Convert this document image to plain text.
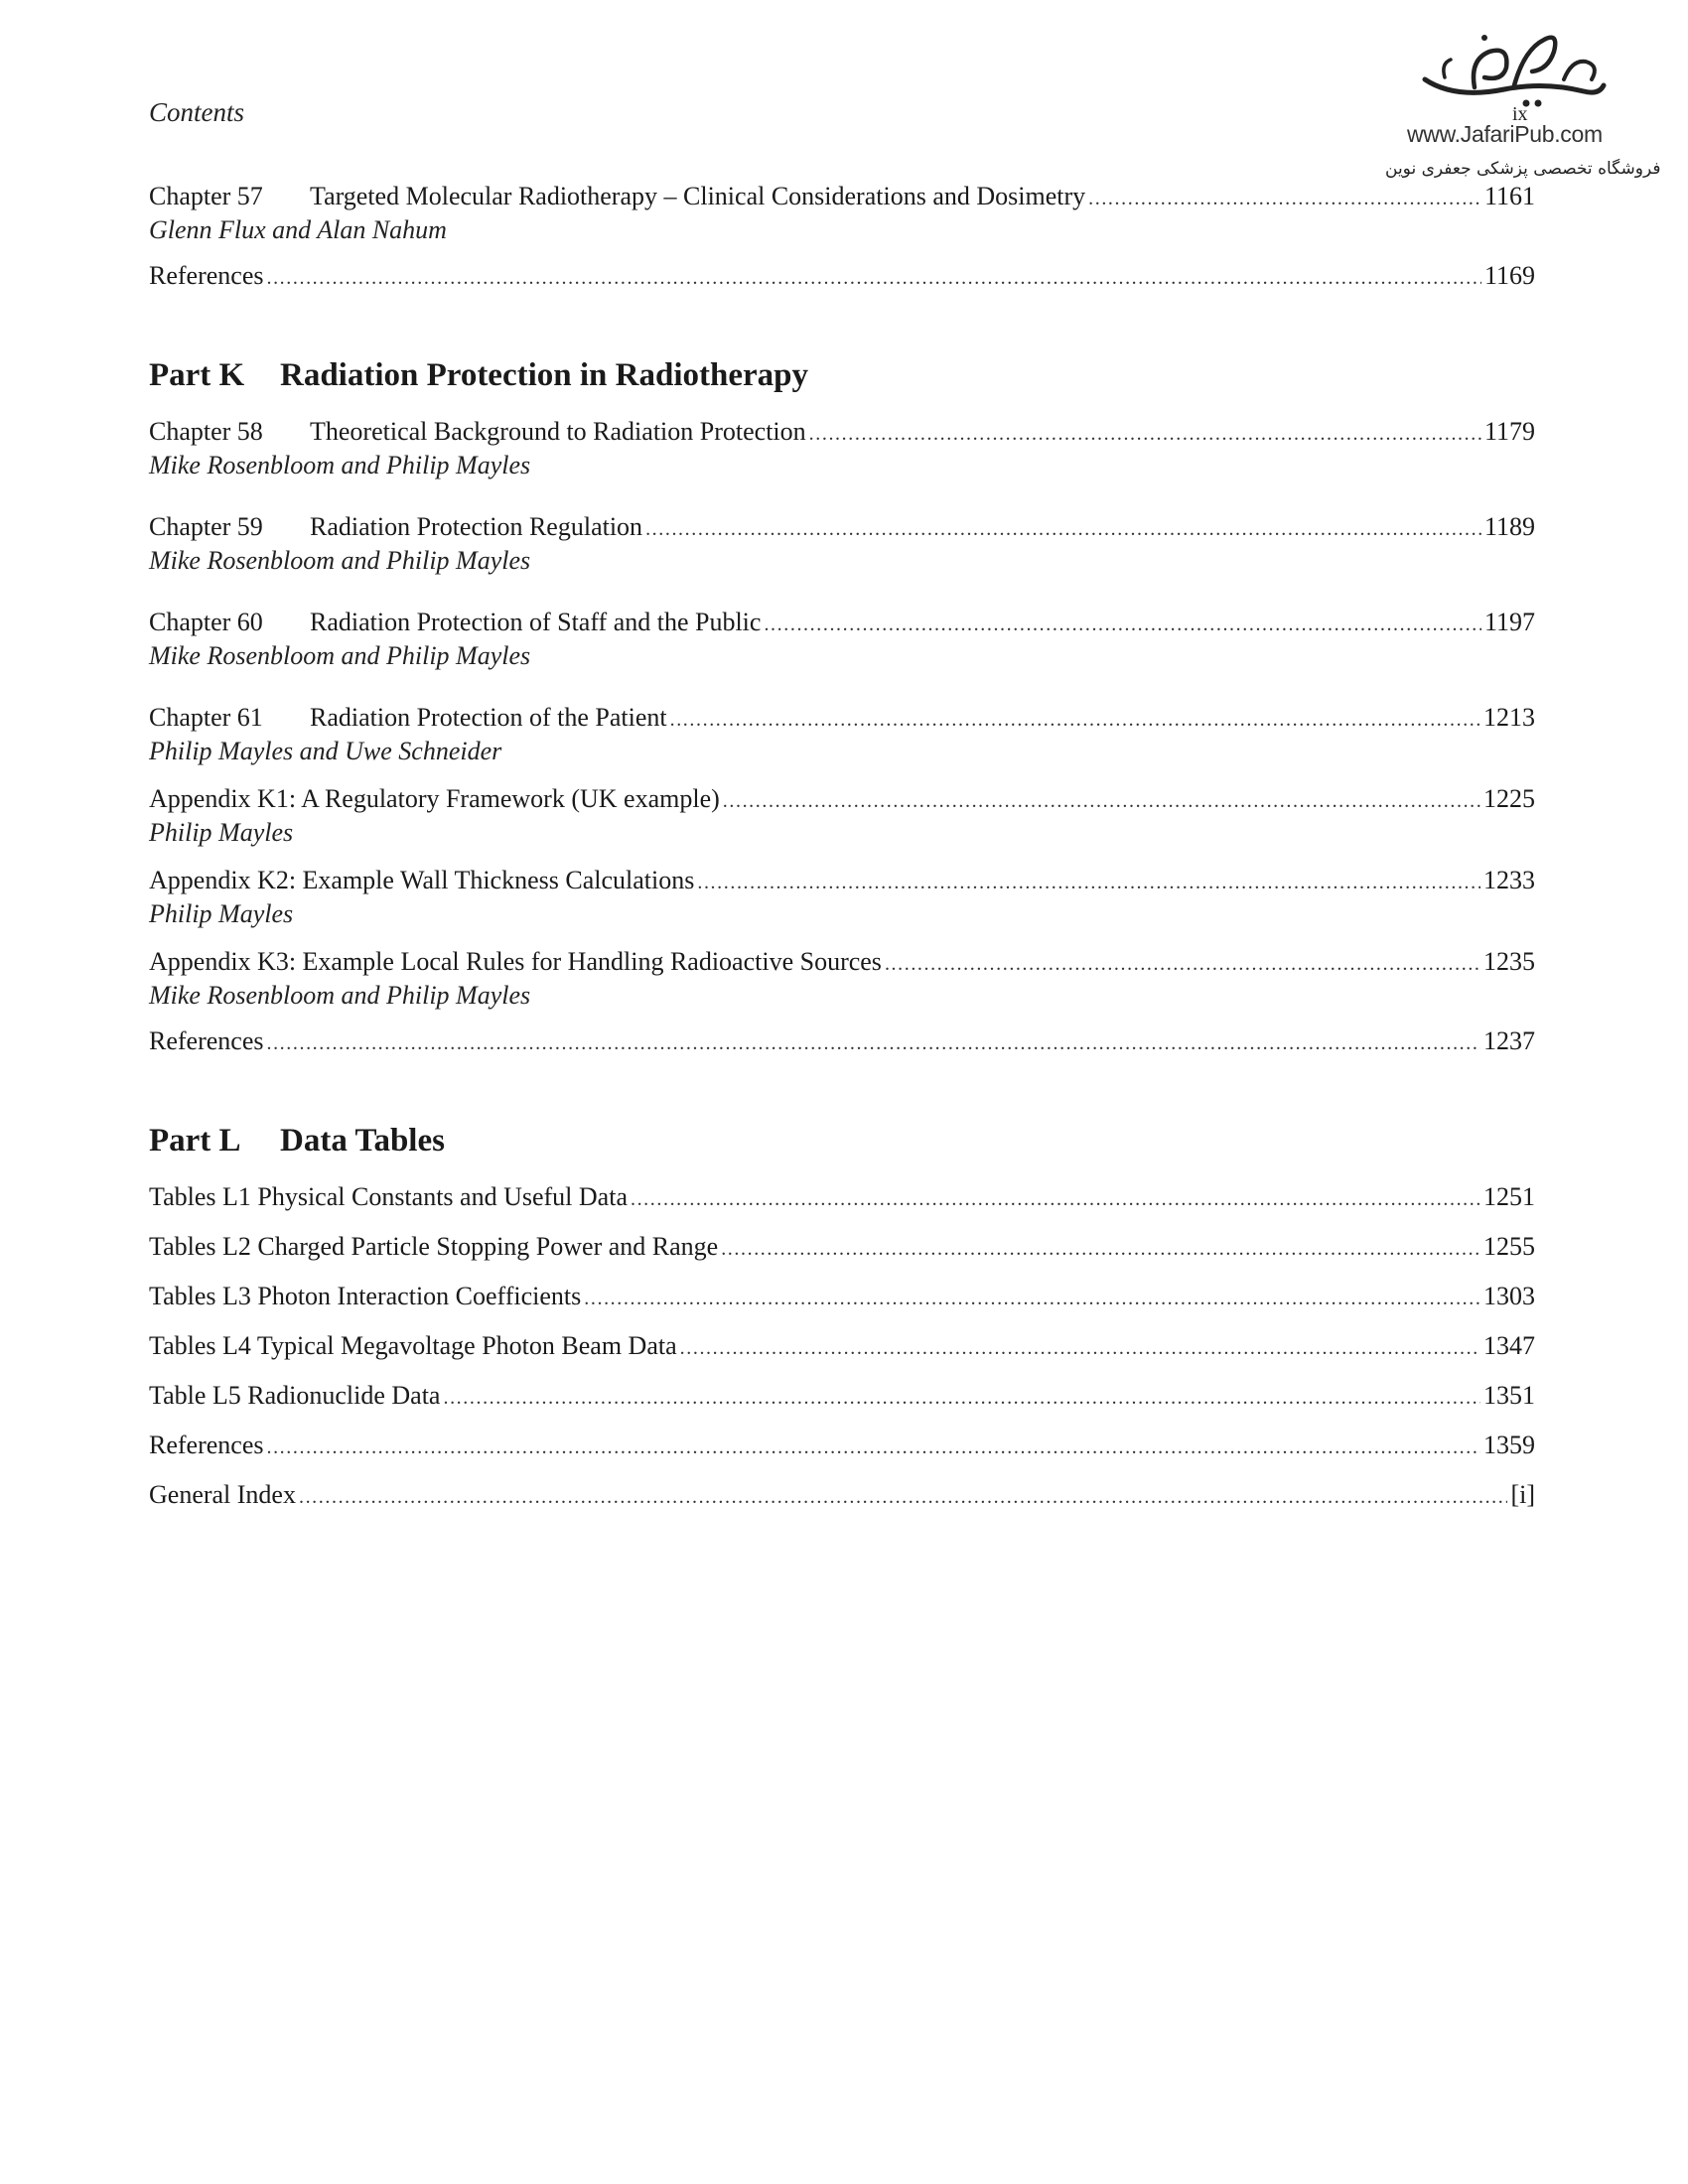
Contents	ix
www.JafariPub.com
فروشگاه تخصصی پزشکی جعفری نوین
Chapter 57	Targeted Molecular Radiotherapy – Clinical Considerations and Dosimetry .....	1161
Glenn Flux and Alan Nahum
References .....	1169
Part K Radiation Protection in Radiotherapy
Chapter 58	Theoretical Background to Radiation Protection .....	1179
Mike Rosenbloom and Philip Mayles
Chapter 59	Radiation Protection Regulation .....	1189
Mike Rosenbloom and Philip Mayles
Chapter 60	Radiation Protection of Staff and the Public .....	1197
Mike Rosenbloom and Philip Mayles
Chapter 61	Radiation Protection of the Patient .....	1213
Philip Mayles and Uwe Schneider
Appendix K1: A Regulatory Framework (UK example) .....	1225
Philip Mayles
Appendix K2: Example Wall Thickness Calculations .....	1233
Philip Mayles
Appendix K3: Example Local Rules for Handling Radioactive Sources .....	1235
Mike Rosenbloom and Philip Mayles
References .....	1237
Part L Data Tables
Tables L1 Physical Constants and Useful Data .....	1251
Tables L2 Charged Particle Stopping Power and Range .....	1255
Tables L3 Photon Interaction Coefficients .....	1303
Tables L4 Typical Megavoltage Photon Beam Data .....	1347
Table L5 Radionuclide Data .....	1351
References .....	1359
General Index .....	[i]
